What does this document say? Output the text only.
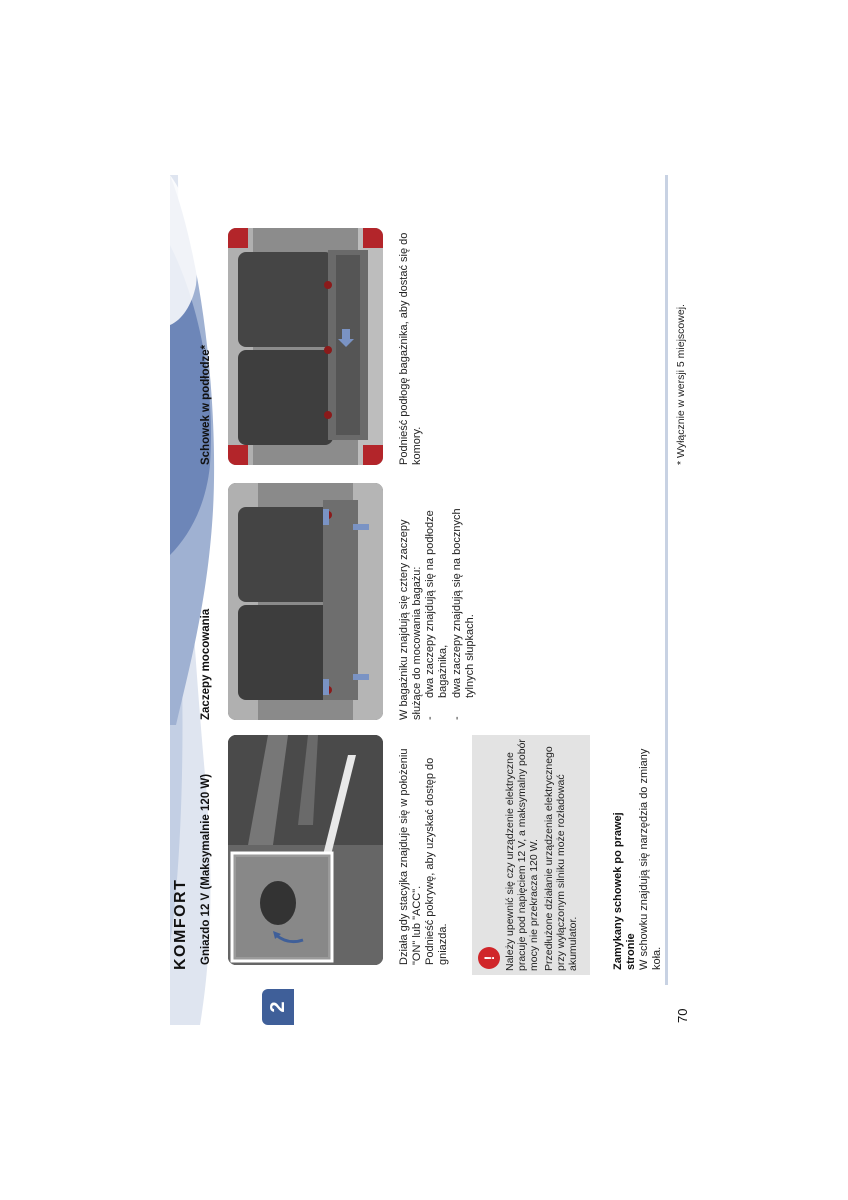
KOMFORT
2
70
Gniazdo 12 V (Maksymalnie 120 W)	Działa gdy stacyjka znajduje się w położeniu "ON" lub "ACC". Podnieść pokrywę, aby uzyskać dostęp do gniazda. ! Należy upewnić się czy urządzenie elektryczne pracuje pod napięciem 12 V, a maksymalny pobór mocy nie przekracza 120 W. Przedłużone działanie urządzenia elektrycznego przy wyłączonym silniku może rozładować akumulator.	Zamykany schowek po prawej stronie W schowku znajdują się narzędzia do zmiany koła.
Zaczepy mocowania	W bagażniku znajdują się cztery zaczepy służące do mocowania bagażu: -
dwa zaczepy znajdują się na podłodze bagażnika,
-
dwa zaczepy znajdują się na bocznych tylnych słupkach.
Schowek w podłodze*	Podnieść podłogę bagażnika, aby dostać się do komory.	* Wyłącznie w wersji 5 miejscowej.
